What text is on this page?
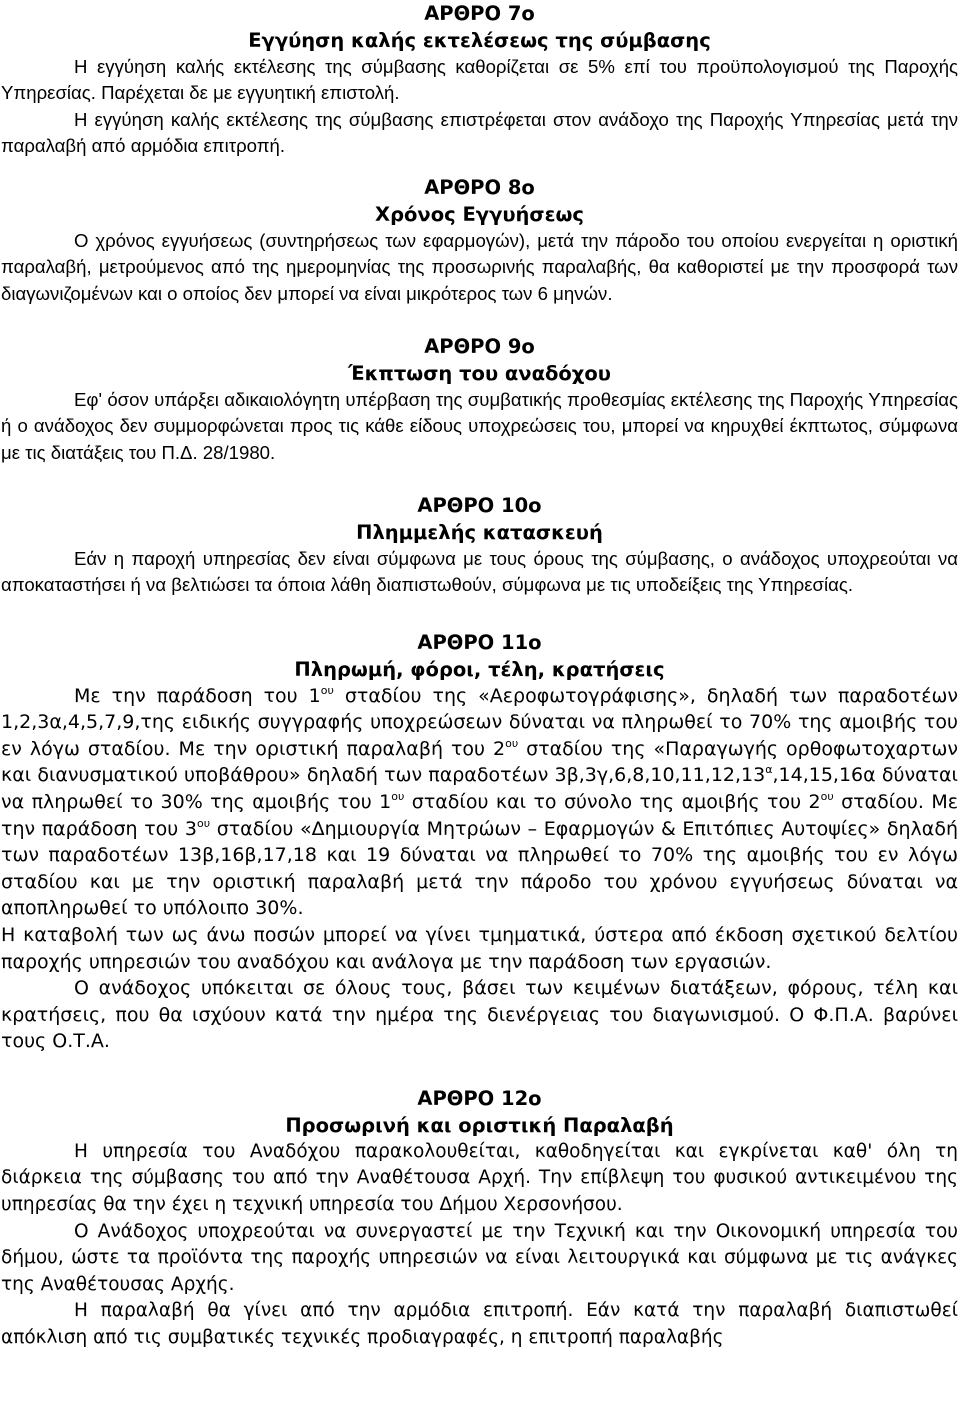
ΑΡΘΡΟ 7ο
Εγγύηση καλής εκτελέσεως της σύμβασης

Η εγγύηση καλής εκτέλεσης της σύμβασης καθορίζεται σε 5% επί του προϋπολογισμού της Παροχής Υπηρεσίας. Παρέχεται δε με εγγυητική επιστολή.

Η εγγύηση καλής εκτέλεσης της σύμβασης επιστρέφεται στον ανάδοχο της Παροχής Υπηρεσίας μετά την παραλαβή από αρμόδια επιτροπή.

ΑΡΘΡΟ 8ο
Χρόνος Εγγυήσεως

Ο χρόνος εγγυήσεως (συντηρήσεως των εφαρμογών), μετά την πάροδο του οποίου ενεργείται η οριστική παραλαβή, μετρούμενος από της ημερομηνίας της προσωρινής παραλαβής, θα καθοριστεί με την προσφορά των διαγωνιζομένων και ο οποίος δεν μπορεί να είναι μικρότερος των 6 μηνών.

ΑΡΘΡΟ 9ο
Έκπτωση του αναδόχου

Εφ' όσον υπάρξει αδικαιολόγητη υπέρβαση της συμβατικής προθεσμίας εκτέλεσης της Παροχής Υπηρεσίας ή ο ανάδοχος δεν συμμορφώνεται προς τις κάθε είδους υποχρεώσεις του, μπορεί να κηρυχθεί έκπτωτος, σύμφωνα με τις διατάξεις του Π.Δ. 28/1980.

ΑΡΘΡΟ 10ο
Πλημμελής κατασκευή

Εάν η παροχή υπηρεσίας δεν είναι σύμφωνα με τους όρους της σύμβασης, ο ανάδοχος υποχρεούται να αποκαταστήσει ή να βελτιώσει τα όποια λάθη διαπιστωθούν, σύμφωνα με τις υποδείξεις της Υπηρεσίας.

ΑΡΘΡΟ 11ο
Πληρωμή, φόροι, τέλη, κρατήσεις

Με την παράδοση του $1^{o\upsilon}$ σταδίου της «Αεροφωτογράφισης», δηλαδή των παραδοτέων 1,2,3α,4,5,7,9,της ειδικής συγγραφής υποχρεώσεων δύναται να πληρωθεί το 70% της αμοιβής του εν λόγω σταδίου. Με την οριστική παραλαβή του $2^{o\upsilon}$ σταδίου της «Παραγωγής ορθοφωτοχαρτων και διανυσματικού υποβάθρου» δηλαδή των παραδοτέων $3\beta,3\gamma,6,8,10,11,12,13^\alpha,14,15,16\alpha$ δύναται να πληρωθεί το 30% της αμοιβής του $1^{o\upsilon}$ σταδίου και το σύνολο της αμοιβής του $2^{o\upsilon}$ σταδίου. Με την παράδοση του $3^{o\upsilon}$ σταδίου «Δημιουργία Μητρώων – Εφαρμογών & Επιτόπιες Αυτοψίες» δηλαδή των παραδοτέων 13β,16β,17,18 και 19 δύναται να πληρωθεί το 70% της αμοιβής του εν λόγω σταδίου και με την οριστική παραλαβή μετά την πάροδο του χρόνου εγγυήσεως δύναται να αποπληρωθεί το υπόλοιπο 30%.

Η καταβολή των ως άνω ποσών μπορεί να γίνει τμηματικά, ύστερα από έκδοση σχετικού δελτίου παροχής υπηρεσιών του αναδόχου και ανάλογα με την παράδοση των εργασιών.

Ο ανάδοχος υπόκειται σε όλους τους, βάσει των κειμένων διατάξεων, φόρους, τέλη και κρατήσεις, που θα ισχύουν κατά την ημέρα της διενέργειας του διαγωνισμού. Ο Φ.Π.Α. βαρύνει τους Ο.Τ.Α.

ΑΡΘΡΟ 12ο
Προσωρινή και οριστική Παραλαβή

Η υπηρεσία του Αναδόχου παρακολουθείται, καθοδηγείται και εγκρίνεται καθ' όλη τη διάρκεια της σύμβασης του από την Αναθέτουσα Αρχή. Την επίβλεψη του φυσικού αντικειμένου της υπηρεσίας θα την έχει η τεχνική υπηρεσία του Δήμου Χερσονήσου.

Ο Ανάδοχος υποχρεούται να συνεργαστεί με την Τεχνική και την Οικονομική υπηρεσία του δήμου, ώστε τα προϊόντα της παροχής υπηρεσιών να είναι λειτουργικά και σύμφωνα με τις ανάγκες της Αναθέτουσας Αρχής.

Η παραλαβή θα γίνει από την αρμόδια επιτροπή. Εάν κατά την παραλαβή διαπιστωθεί απόκλιση από τις συμβατικές τεχνικές προδιαγραφές, η επιτροπή παραλαβής
